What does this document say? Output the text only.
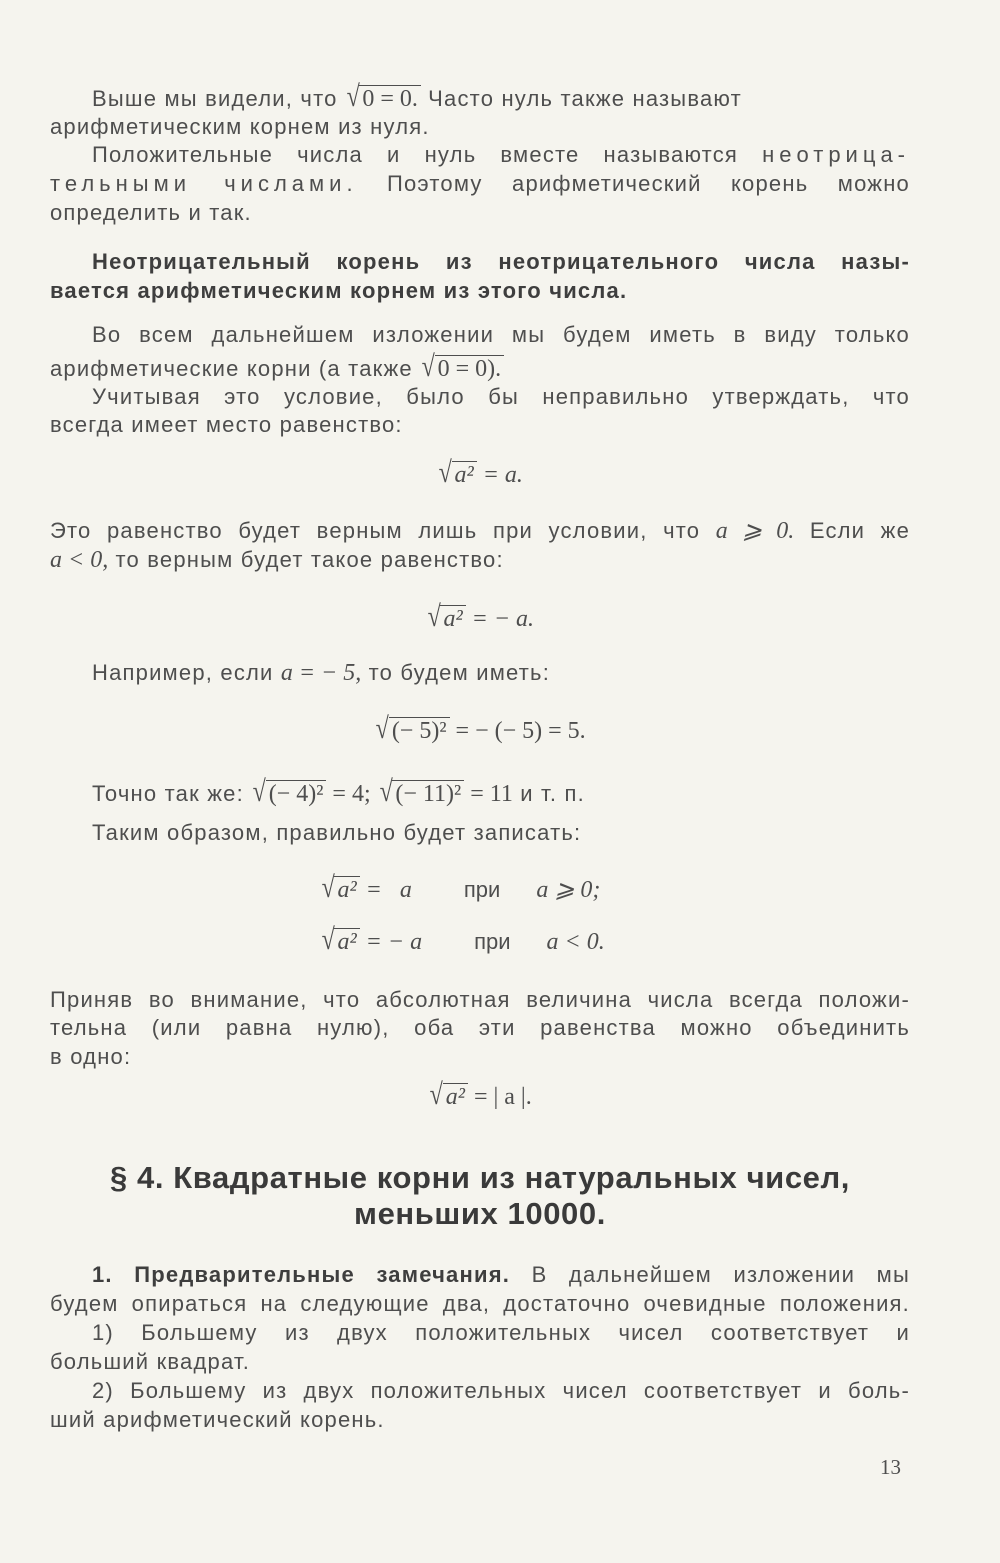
Выше мы видели, что √ 0 = 0. Часто нуль также называют
арифметическим корнем из нуля.
Положительные числа и нуль вместе называются неотрица-
тельными числами. Поэтому арифметический корень можно
определить и так.
Неотрицательный корень из неотрицательного числа назы-
вается арифметическим корнем из этого числа.
Во всем дальнейшем изложении мы будем иметь в виду только
арифметические корни (а также √ 0 = 0).
Учитывая это условие, было бы неправильно утверждать, что
всегда имеет место равенство:
√ a² = a.
Это равенство будет верным лишь при условии, что a ⩾ 0. Если же
a < 0, то верным будет такое равенство:
√ a² = − a.
Например, если a = − 5, то будем иметь:
√ (− 5)² = − (− 5) = 5.
Точно так же: √ (− 4)² = 4; √ (− 11)² = 11 и т. п.
Таким образом, правильно будет записать:
√ a² =   a при a ⩾ 0;
√ a² = − a при a < 0.
Приняв во внимание, что абсолютная величина числа всегда положи-
тельна (или равна нулю), оба эти равенства можно объединить
в одно:
√ a² = | a |.
§ 4. Квадратные корни из натуральных чисел,
меньших 10000.
1. Предварительные замечания. В дальнейшем изложении мы
будем опираться на следующие два, достаточно очевидные положения.
1) Большему из двух положительных чисел соответствует и
больший квадрат.
2) Большему из двух положительных чисел соответствует и боль-
ший арифметический корень.
13
